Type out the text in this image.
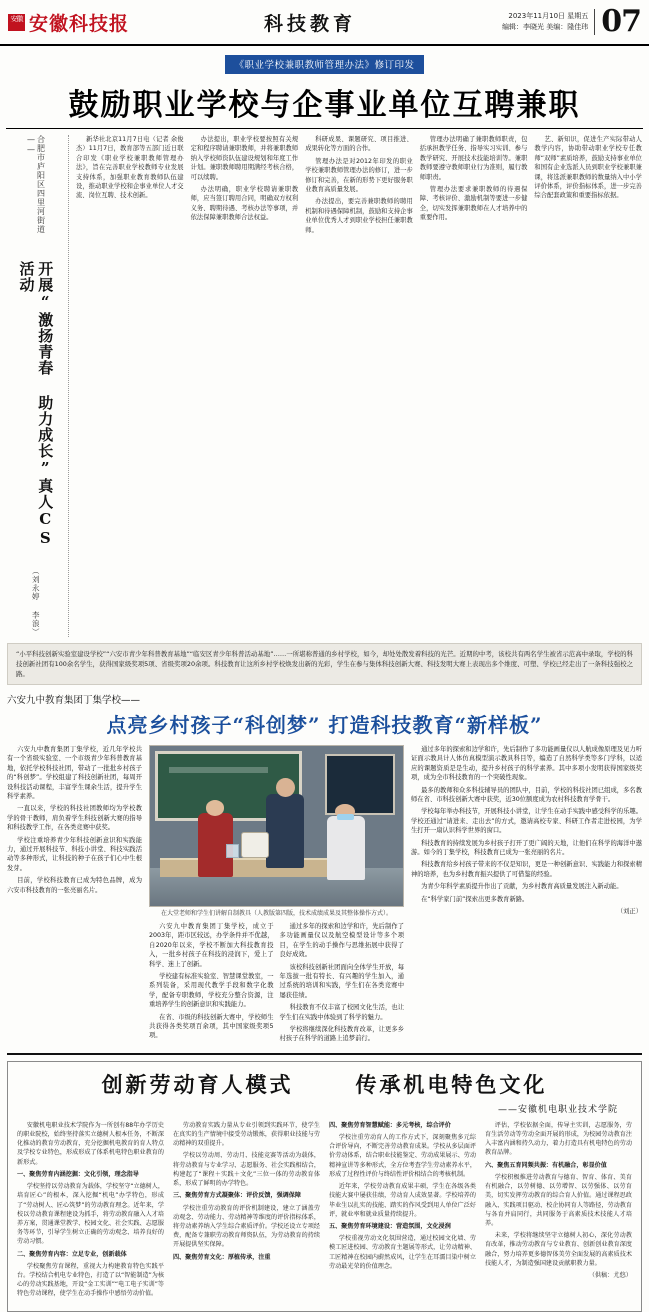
安徽 安徽科技报	科技教育	2023年11月10日 星期五
编辑：李晓光 美编：隆佳玮 07
《职业学校兼职教师管理办法》修订印发
鼓励职业学校与企事业单位互聘兼职
合肥市庐阳区四里河街道——
开展“激扬青春 助力成长”真人CS活动
（刘永婷 李浪）

新华社北京11月7日电（记者 余俊杰）11月7日，教育部等五部门近日联合印发《职业学校兼职教师管理办法》，旨在完善职业学校教师专业发展支持体系，加强职业教育教师队伍建设，推动职业学校和企事业单位人才交流、岗位互聘、技术创新。

办法提出，职业学校要按照有关规定和程序聘请兼职教师，并将兼职教师纳入学校师资队伍建设规划和年度工作计划。兼职教师聘用期满经考核合格，可以续聘。

办法明确，职业学校聘请兼职教师，应当签订聘用合同，明确双方权利义务、聘期待遇、考核办法等事项，并依法保障兼职教师合法权益。

科研成果、课题研究、项目推进、成果转化等方面的合作。

管理办法是对2012年印发的职业学校兼职教师管理办法的修订，进一步修订和完善，在新的形势下更好服务职业教育高质量发展。

办法提出，要完善兼职教师的聘用机制和待遇保障机制，鼓励和支持企事业单位优秀人才到职业学校担任兼职教师。

管理办法明确了兼职教师职责，包括承担教学任务、指导实习实训、参与教学研究、开展技术技能培训等。兼职教师要遵守教师职业行为准则，履行教师职责。

管理办法要求兼职教师的待遇保障、考核评价、激励机制等要进一步健全，切实发挥兼职教师在人才培养中的重要作用。

艺、新知识，促进生产实际带动人教学内容，协助带动职业学校专任教师“双师”素质培养，鼓励支持事业单位和国有企业选派人员到职业学校兼职兼课，将选派兼职教师的数量纳入中小学评价体系，评价指标体系，进一步完善综合配套政策和重要指标依据。

“小平科技创新实验室建设学校”“六安市青少年科普教育基地”“临安区青少年科普活动基地”……一所堪称普通的乡村学校，如今，却处处散发着科技的光芒。近期的中考，该校共有两名学生被省示范高中录取，学校的科技创新社团有100余名学生，获得国家级奖项5项、省级奖项20余项。科技教育让这所乡村学校焕发出新的光彩，学生在参与集体科技创新大赛、科技发明大赛上表现出多个维度、可塑、学校已经走出了一条科技强校之路。
六安九中教育集团丁集学校——
点亮乡村孩子“科创梦” 打造科技教育“新样板”

六安九中教育集团丁集学校，近几年学校共有一个省级实验室、一个市级青少年科普教育基地，依托学校科技社团，带动了一批批乡村孩子的“科创梦”。学校组建了科技创新社团，每周开设科技活动课程，丰富学生课余生活，提升学生科学素养。

一直以来，学校的科技社团教师均为学校教学的骨干教师，肩负着学生科技创新大赛的指导和科技教学工作，在各类竞赛中获奖。

学校注重培养青少年科技创新意识和实践能力，通过开展科技节、科技小讲堂、科技实践活动等多种形式，让科技的种子在孩子们心中生根发芽。

目前，学校科技教育已成为特色品牌，成为六安市科技教育的一张亮丽名片。

在大堂老师和学生们讲解自制教具（人教版第四版，技术成绩成果及其整体操作方式）。

六安九中教育集团丁集学校，成立于2003年，距市区较远，办学条件并不优越，自2020年以来，学校不断加大科技教育投入，一批乡村孩子在科技的浸润下，爱上了科学、迷上了创新。

学校建有标准实验室、智慧课堂教室，一系列装备，采用现代教学手段和数字化教学，配备专职教师，学校充分整合资源，注重培养学生的创新意识和实践能力。

在省、市级的科技创新大赛中，学校师生共获得各类奖项百余项，其中国家级奖项5项。

通过多年的探索和边学和许，先后制作了多功能画量仪以及航空模型设计等多个项目，在学生的动手操作与思维拓展中获得了良好成效。

该校科技创新社团面向全体学生开放，每年选拔一批有特长、有兴趣的学生加入，通过系统的培训和实践，学生们在各类竞赛中屡获佳绩。

科技教育不仅丰富了校园文化生活，也让学生们在实践中体验到了科学的魅力。

学校将继续深化科技教育改革，让更多乡村孩子在科学的道路上追梦前行。

通过多年的探索和边学和许，先后制作了多功能画量仪以人航成像原理及见力听证面示教具计人体仿真模型演示教具科目等，编造了自然科学类等多门学科，以适应的课题资质是是生动，提升乡村孩子的科学素养。其中多项小发明获得国家级奖项，成为全市科技教育的一个突破性现象。

最多的教师和众多科技辅导员的团队中，目前，学校的科技社团已组成，多名教师在省、市科技创新大赛中获奖，近30位额度成为农村科技教育学骨干。

学校每年举办科技节，开展科技小讲堂，让学生在动手实践中感受科学的乐趣。学校还通过“请进来、走出去”的方式，邀请高校专家、科研工作者走进校园，为学生打开一扇认识科学世界的窗口。

科技教育的持续发展为乡村孩子打开了更广阔的天地，让他们在科学的海洋中遨游。如今的丁集学校，科技教育已成为一张亮丽的名片。

科技教育给乡村孩子带来的不仅是知识，更是一种创新意识、实践能力和探索精神的培养，也为乡村教育振兴提供了可借鉴的经验。

为青少年科学素质提升作出了贡献，为乡村教育高质量发展注入新动能。

在“科学家门前”探索出更多教育新路。

（刘正）
创新劳动育人模式	传承机电特色文化
——安徽机电职业技术学院

安徽机电职业技术学院作为一所创有88年办学历史的职业院校，始终坚持落实立德树人根本任务，不断深化推动的教育劳动教育，充分挖掘机电教育的育人特点及学校专业特色，形成形成了体系机电特色职业教育的新形式。

一、聚焦劳育内涵挖掘：文化引领，理念指导

学校坚持以劳动教育为载体，学校坚守“立德树人，培育匠心”的根本，深入挖掘“机电”办学特色，形成了“劳动树人、匠心筑梦”的劳动教育理念。近年来，学校以劳动教育课程建设为抓手，将劳动教育融入人才培养方案，贯通课堂教学、校园文化、社会实践、志愿服务等环节，引导学生树立正确的劳动观念、培养良好的劳动习惯。

二、聚焦劳育内容：立足专业，创新载体

学校聚焦劳育课程，重视大力构建教育特色实践平台。学校结合机电专业特色，打造了以“智能制造”为核心的劳动实践基地，开设“金工实训”“电工电子实训”等特色劳动课程，使学生在动手操作中感悟劳动价值。

劳动教育实践力量从专业引领到实践环节，使学生在真实的生产情境中接受劳动锻炼，获得职业技能与劳动精神的双重提升。

学校以劳动周、劳动月、技能竞赛等活动为载体，将劳动教育与专业学习、志愿服务、社会实践相结合，构建起了“课程＋实践＋文化”三位一体的劳动教育体系，形成了鲜明的办学特色。

三、聚焦劳育方式凝聚体：评价反馈，强调保障

学校注重劳动教育的评价机制建设，建立了涵盖劳动观念、劳动能力、劳动精神等维度的评价指标体系，将劳动素养纳入学生综合素质评价。学校还设立专项经费，配备专兼职劳动教育师资队伍，为劳动教育的持续开展提供坚实保障。

四、聚焦劳育文化：厚植传承，注重

四、聚焦劳育智慧赋能：多元考核，综合评价

学校注重劳动育人的工作方式下，深刻聚焦多元综合评价导向，不断完善劳动教育成果。学校从多层面评价劳动体系，结合职业技能鉴定、劳动成果展示、劳动精神宣讲等多种形式，全方位考查学生劳动素养水平，形成了过程性评价与终结性评价相结合的考核机制。

近年来，学校劳动教育成果丰硕，学生在各级各类技能大赛中屡获佳绩，劳动育人成效显著。学校培养的毕业生以扎实的技能、踏实的作风受到用人单位广泛好评，就业率和就业质量持续提升。

五、聚焦劳育环境建设：营造氛围，文化浸润

学校重视劳动文化氛围营造，通过校园文化墙、劳模工匠进校园、劳动教育主题展等形式，让劳动精神、工匠精神在校园内蔚然成风，让学生在耳濡目染中树立劳动最光荣的价值理念。

评估，学校依据全面，传导主实训，志愿服务，劳育生活劳动等劳动全面开展的形成，为校园劳动教育注入丰富内涵和持久动力，着力打造具有机电特色的劳动教育品牌。

六、聚焦五育同频共振：有机融合，彰显价值

学校积极推进劳动教育与德育、智育、体育、美育有机融合，以劳树德、以劳增智、以劳强体、以劳育美，切实发挥劳动教育的综合育人价值。通过课程思政融入、实践项目驱动、校企协同育人等路径，劳动教育与各育并肩同行，共同服务于高素质技术技能人才培养。

未来，学校将继续坚守立德树人初心，深化劳动教育改革，推动劳动教育与专业教育、创新创业教育深度融合，努力培养更多德智体美劳全面发展的高素质技术技能人才，为制造强国建设贡献职教力量。

（供稿：尤悠）
